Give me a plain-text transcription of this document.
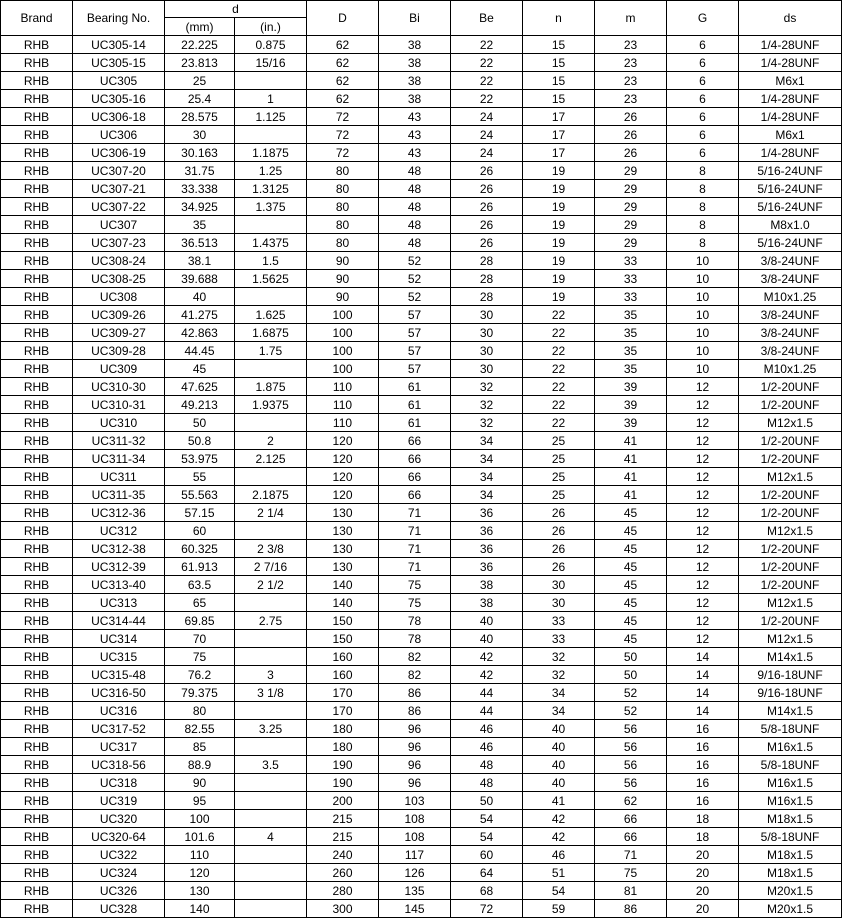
Brand	Bearing No.	d		D	Bi	Be	n	m	G	ds
		(mm)	(in.)							
RHB	UC305-14	22.225	0.875	62	38	22	15	23	6	1/4-28UNF
RHB	UC305-15	23.813	15/16	62	38	22	15	23	6	1/4-28UNF
RHB	UC305	25		62	38	22	15	23	6	M6x1
RHB	UC305-16	25.4	1	62	38	22	15	23	6	1/4-28UNF
RHB	UC306-18	28.575	1.125	72	43	24	17	26	6	1/4-28UNF
RHB	UC306	30		72	43	24	17	26	6	M6x1
RHB	UC306-19	30.163	1.1875	72	43	24	17	26	6	1/4-28UNF
RHB	UC307-20	31.75	1.25	80	48	26	19	29	8	5/16-24UNF
RHB	UC307-21	33.338	1.3125	80	48	26	19	29	8	5/16-24UNF
RHB	UC307-22	34.925	1.375	80	48	26	19	29	8	5/16-24UNF
RHB	UC307	35		80	48	26	19	29	8	M8x1.0
RHB	UC307-23	36.513	1.4375	80	48	26	19	29	8	5/16-24UNF
RHB	UC308-24	38.1	1.5	90	52	28	19	33	10	3/8-24UNF
RHB	UC308-25	39.688	1.5625	90	52	28	19	33	10	3/8-24UNF
RHB	UC308	40		90	52	28	19	33	10	M10x1.25
RHB	UC309-26	41.275	1.625	100	57	30	22	35	10	3/8-24UNF
RHB	UC309-27	42.863	1.6875	100	57	30	22	35	10	3/8-24UNF
RHB	UC309-28	44.45	1.75	100	57	30	22	35	10	3/8-24UNF
RHB	UC309	45		100	57	30	22	35	10	M10x1.25
RHB	UC310-30	47.625	1.875	110	61	32	22	39	12	1/2-20UNF
RHB	UC310-31	49.213	1.9375	110	61	32	22	39	12	1/2-20UNF
RHB	UC310	50		110	61	32	22	39	12	M12x1.5
RHB	UC311-32	50.8	2	120	66	34	25	41	12	1/2-20UNF
RHB	UC311-34	53.975	2.125	120	66	34	25	41	12	1/2-20UNF
RHB	UC311	55		120	66	34	25	41	12	M12x1.5
RHB	UC311-35	55.563	2.1875	120	66	34	25	41	12	1/2-20UNF
RHB	UC312-36	57.15	2 1/4	130	71	36	26	45	12	1/2-20UNF
RHB	UC312	60		130	71	36	26	45	12	M12x1.5
RHB	UC312-38	60.325	2 3/8	130	71	36	26	45	12	1/2-20UNF
RHB	UC312-39	61.913	2 7/16	130	71	36	26	45	12	1/2-20UNF
RHB	UC313-40	63.5	2 1/2	140	75	38	30	45	12	1/2-20UNF
RHB	UC313	65		140	75	38	30	45	12	M12x1.5
RHB	UC314-44	69.85	2.75	150	78	40	33	45	12	1/2-20UNF
RHB	UC314	70		150	78	40	33	45	12	M12x1.5
RHB	UC315	75		160	82	42	32	50	14	M14x1.5
RHB	UC315-48	76.2	3	160	82	42	32	50	14	9/16-18UNF
RHB	UC316-50	79.375	3 1/8	170	86	44	34	52	14	9/16-18UNF
RHB	UC316	80		170	86	44	34	52	14	M14x1.5
RHB	UC317-52	82.55	3.25	180	96	46	40	56	16	5/8-18UNF
RHB	UC317	85		180	96	46	40	56	16	M16x1.5
RHB	UC318-56	88.9	3.5	190	96	48	40	56	16	5/8-18UNF
RHB	UC318	90		190	96	48	40	56	16	M16x1.5
RHB	UC319	95		200	103	50	41	62	16	M16x1.5
RHB	UC320	100		215	108	54	42	66	18	M18x1.5
RHB	UC320-64	101.6	4	215	108	54	42	66	18	5/8-18UNF
RHB	UC322	110		240	117	60	46	71	20	M18x1.5
RHB	UC324	120		260	126	64	51	75	20	M18x1.5
RHB	UC326	130		280	135	68	54	81	20	M20x1.5
RHB	UC328	140		300	145	72	59	86	20	M20x1.5
